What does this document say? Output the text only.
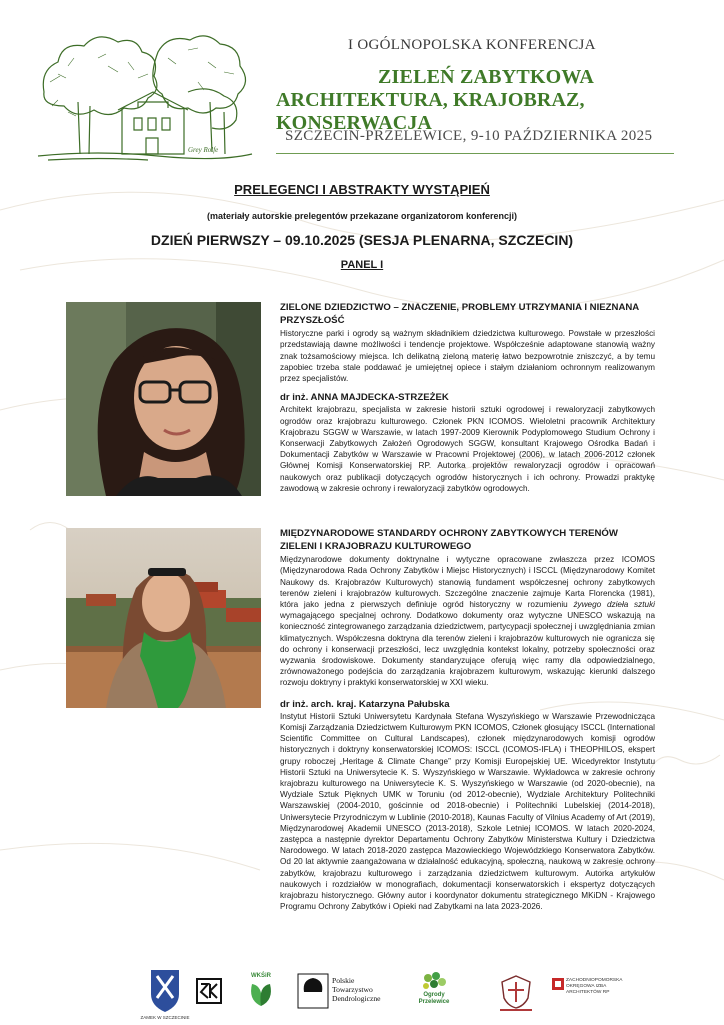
Grey Rolfe
I OGÓLNOPOLSKA KONFERENCJA
ZIELEŃ ZABYTKOWA
ARCHITEKTURA, KRAJOBRAZ, KONSERWACJA
SZCZECIN-PRZELEWICE, 9-10 PAŹDZIERNIKA 2025
PRELEGENCI I ABSTRAKTY WYSTĄPIEŃ
(materiały autorskie prelegentów przekazane organizatorom konferencji)
DZIEŃ PIERWSZY – 09.10.2025 (SESJA PLENARNA, SZCZECIN)
PANEL I
ZIELONE DZIEDZICTWO – ZNACZENIE, PROBLEMY UTRZYMANIA I NIEZNANA PRZYSZŁOŚĆ

Historyczne parki i ogrody są ważnym składnikiem dziedzictwa kulturowego. Powstałe w przeszłości przedstawiają dawne możliwości i tendencje projektowe. Współcześnie adaptowane stanowią ważny znak tożsamościowy miejsca. Ich delikatną zieloną materię łatwo bezpowrotnie zniszczyć, a by temu zapobiec trzeba stale poddawać je umiejętnej opiece i stałym działaniom ochronnym realizowanym przez specjalistów.

dr inż. ANNA MAJDECKA-STRZEŻEK

Architekt krajobrazu, specjalista w zakresie historii sztuki ogrodowej i rewaloryzacji zabytkowych ogrodów oraz krajobrazu kulturowego. Członek PKN ICOMOS. Wieloletni pracownik Architektury Krajobrazu SGGW w Warszawie, w latach 1997-2009 Kierownik Podyplomowego Studium Ochrony i Konserwacji Zabytkowych Założeń Ogrodowych SGGW, konsultant Krajowego Ośrodka Badań i Dokumentacji Zabytków w Warszawie w Pracowni Projektowej (2006), w latach 2006-2012 członek Głównej Komisji Konserwatorskiej RP. Autorka projektów rewaloryzacji ogrodów i opracowań naukowych oraz publikacji dotyczących ogrodów historycznych i ich ochrony. Prowadzi praktykę zawodową w zakresie ochrony i rewaloryzacji zabytków ogrodowych.

MIĘDZYNARODOWE STANDARDY OCHRONY ZABYTKOWYCH TERENÓW ZIELENI I KRAJOBRAZU KULTUROWEGO

Międzynarodowe dokumenty doktrynalne i wytyczne opracowane zwłaszcza przez ICOMOS (Międzynarodowa Rada Ochrony Zabytków i Miejsc Historycznych) i ISCCL (Międzynarodowy Komitet Naukowy ds. Krajobrazów Kulturowych) stanowią fundament współczesnej ochrony zabytkowych terenów zieleni i krajobrazów kulturowych. Szczególne znaczenie zajmuje Karta Florencka (1981), która jako jedna z pierwszych definiuje ogród historyczny w rozumieniu żywego dzieła sztuki wymagającego specjalnej ochrony. Dodatkowo dokumenty oraz wytyczne UNESCO wskazują na konieczność zintegrowanego zarządzania dziedzictwem, partycypacji społecznej i uwzględniania zmian klimatycznych. Współczesna doktryna dla terenów zieleni i krajobrazów kulturowych nie ogranicza się do ochrony i konserwacji przeszłości, lecz uwzględnia kontekst lokalny, potrzeby społeczności oraz wyzwania środowiskowe. Dokumenty standaryzujące oferują więc ramy dla odpowiedzialnego, zrównoważonego podejścia do zarządzania krajobrazem kulturowym, wskazując kierunki dalszego rozwoju doktryny i praktyki konserwatorskiej w XXI wieku.

dr inż. arch. kraj. Katarzyna Pałubska

Instytut Historii Sztuki Uniwersytetu Kardynała Stefana Wyszyńskiego w Warszawie Przewodnicząca Komisji Zarządzania Dziedzictwem Kulturowym PKN ICOMOS, Członek głosujący ISCCL (International Scientific Committee on Cultural Landscapes), członek międzynarodowych komisji ogrodów historycznych i doktryny konserwatorskiej ICOMOS: ISCCL (ICOMOS-IFLA) i THEOPHILOS, ekspert grupy roboczej „Heritage & Climate Change” przy Komisji Europejskiej UE. Wicedyrektor Instytutu Historii Sztuki na Uniwersytecie K. S. Wyszyńskiego w Warszawie. Wykładowca w zakresie ochrony krajobrazu kulturowego na Uniwersytecie K. S. Wyszyńskiego w Warszawie (od 2020-obecnie), na Wydziale Sztuk Pięknych UMK w Toruniu (od 2012-obecnie), Wydziale Architektury Politechniki Warszawskiej (2004-2010, gościnnie od 2018-obecnie) i Politechniki Lubelskiej (2014-2018), Uniwersytecie Przyrodniczym w Lublinie (2010-2018), Kaunas Faculty of Vilnius Academy of Art (2019), Międzynarodowej Akademii UNESCO (2013-2018), Szkole Letniej ICOMOS. W latach 2020-2024, zastępca a następnie dyrektor Departamentu Ochrony Zabytków Ministerstwa Kultury i Dziedzictwa Narodowego. W latach 2018-2020 zastępca Mazowieckiego Wojewódzkiego Konserwatora Zabytków. Od 20 lat aktywnie zaangażowana w działalność edukacyjną, społeczną, naukową w zakresie ochrony zabytków, krajobrazu kulturowego i zarządzania dziedzictwem kulturowym. Autorka artykułów naukowych i rozdziałów w monografiach, dokumentacji konserwatorskich i ekspertyz dotyczących krajobrazu historycznego. Główny autor i koordynator dokumentu strategicznego MKiDN - Krajowego Programu Ochrony Zabytków i Opieki nad Zabytkami na lata 2023-2026.

ZAMEK W SZCZECINIE
WKŚiR	Polskie Towarzystwo Dendrologiczne	Ogrody Przelewice
ZACHODNIOPOMORSKA OKRĘGOWA IZBA ARCHITEKTÓW RP
